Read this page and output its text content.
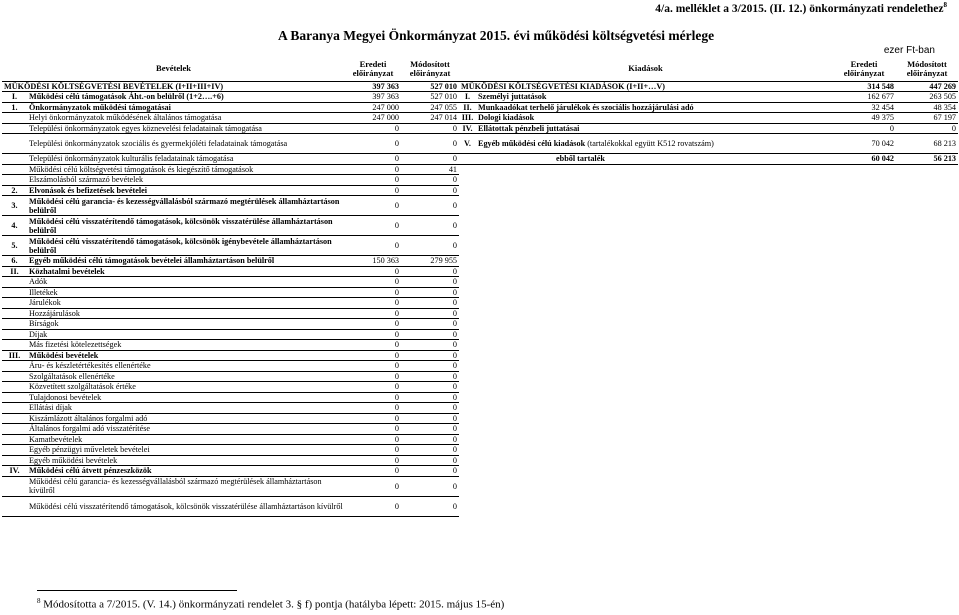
4/a. melléklet a 3/2015. (II. 12.) önkormányzati rendelethez$^8$
A Baranya Megyei Önkormányzat 2015. évi működési költségvetési mérlege
ezer Ft-ban
Bevételek		Eredeti előirányzat	Módosított előirányzat	Kiadások		Eredeti előirányzat	Módosított előirányzat
MŰKÖDÉSI KÖLTSÉGVETÉSI BEVÉTELEK (I+II+III+IV)		397 363	527 010	MŰKÖDÉSI KÖLTSÉGVETÉSI KIADÁSOK (I+II+…V)		314 548	447 269
I.	Működési célú támogatások Áht.-on belülről (1+2….+6)	397 363	527 010	I.	Személyi juttatások	162 677	263 505
1.	Önkormányzatok működési támogatásai	247 000	247 055	II.	Munkaadókat terhelő járulékok és szociális hozzájárulási adó	32 454	48 354
	Helyi önkormányzatok működésének általános támogatása	247 000	247 014	III.	Dologi kiadások	49 375	67 197
	Települési önkormányzatok egyes köznevelési feladatainak támogatása	0	0	IV.	Ellátottak pénzbeli juttatásai	0	0
	Települési önkormányzatok szociális és gyermekjóléti feladatainak támogatása	0	0	V.	Egyéb működési célú kiadások (tartalékokkal együtt K512 rovatszám)	70 042	68 213
	Települési önkormányzatok kulturális feladatainak támogatása	0	0		ebből tartalék	60 042	56 213
	Működési célú költségvetési támogatások és kiegészítő támogatások	0	41				
	Elszámolásból származó bevételek	0	0				
2.	Elvonások és befizetések bevételei	0	0				
3.	Működési célú garancia- és kezességvállalásból származó megtérülések államháztartáson belülről	0	0				
4.	Működési célú visszatérítendő támogatások, kölcsönök visszatérülése államháztartáson belülről	0	0				
5.	Működési célú visszatérítendő támogatások, kölcsönök igénybevétele államháztartáson belülről	0	0				
6.	Egyéb működési célú támogatások bevételei államháztartáson belülről	150 363	279 955				
II.	Közhatalmi bevételek	0	0				
	Adók	0	0				
	Illetékek	0	0				
	Járulékok	0	0				
	Hozzájárulások	0	0				
	Bírságok	0	0				
	Díjak	0	0				
	Más fizetési kötelezettségek	0	0				
III.	Működési bevételek	0	0				
	Áru- és készletértékesítés ellenértéke	0	0				
	Szolgáltatások ellenértéke	0	0				
	Közvetített szolgáltatások értéke	0	0				
	Tulajdonosi bevételek	0	0				
	Ellátási díjak	0	0				
	Kiszámlázott általános forgalmi adó	0	0				
	Általános forgalmi adó visszatérítése	0	0				
	Kamatbevételek	0	0				
	Egyéb pénzügyi műveletek bevételei	0	0				
	Egyéb működési bevételek	0	0				
IV.	Működési célú átvett pénzeszközök	0	0				
	Működési célú garancia- és kezességvállalásból származó megtérülések államháztartáson kívülről	0	0				
	Működési célú visszatérítendő támogatások, kölcsönök visszatérülése államháztartáson kívülről	0	0				
$^8$ Módosította a 7/2015. (V. 14.) önkormányzati rendelet 3. § f) pontja (hatályba lépett: 2015. május 15-én)
